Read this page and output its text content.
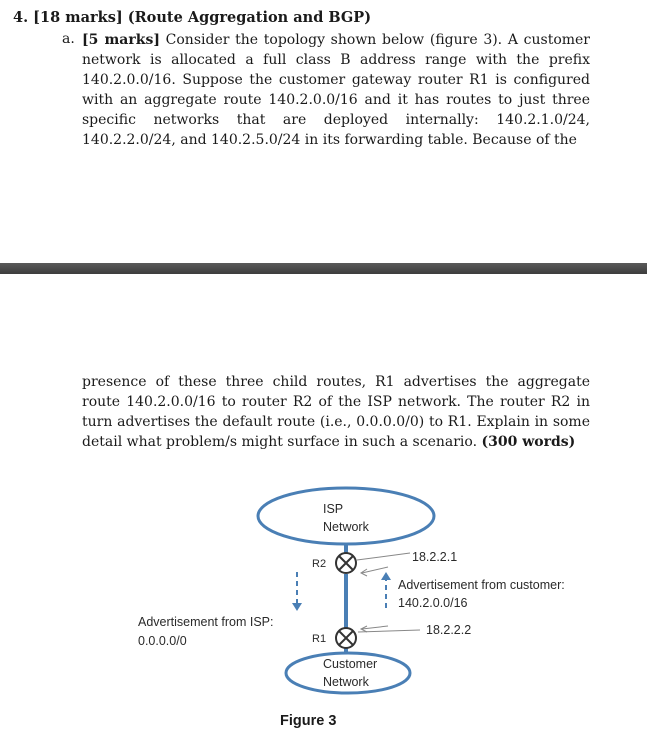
4. [18 marks] (Route Aggregation and BGP)
a. [5 marks] Consider the topology shown below (figure 3). A customer network is allocated a full class B address range with the prefix 140.2.0.0/16. Suppose the customer gateway router R1 is configured with an aggregate route 140.2.0.0/16 and it has routes to just three specific networks that are deployed internally: 140.2.1.0/24, 140.2.2.0/24, and 140.2.5.0/24 in its forwarding table. Because of the

presence of these three child routes, R1 advertises the aggregate route 140.2.0.0/16 to router R2 of the ISP network. The router R2 in turn advertises the default route (i.e., 0.0.0.0/0) to R1. Explain in some detail what problem/s might surface in such a scenario. (300 words)

ISP
Network
R2
R1
Customer
Network
18.2.2.1
18.2.2.2
Advertisement from customer:
140.2.0.0/16
Advertisement from ISP:
0.0.0.0/0
Figure 3
